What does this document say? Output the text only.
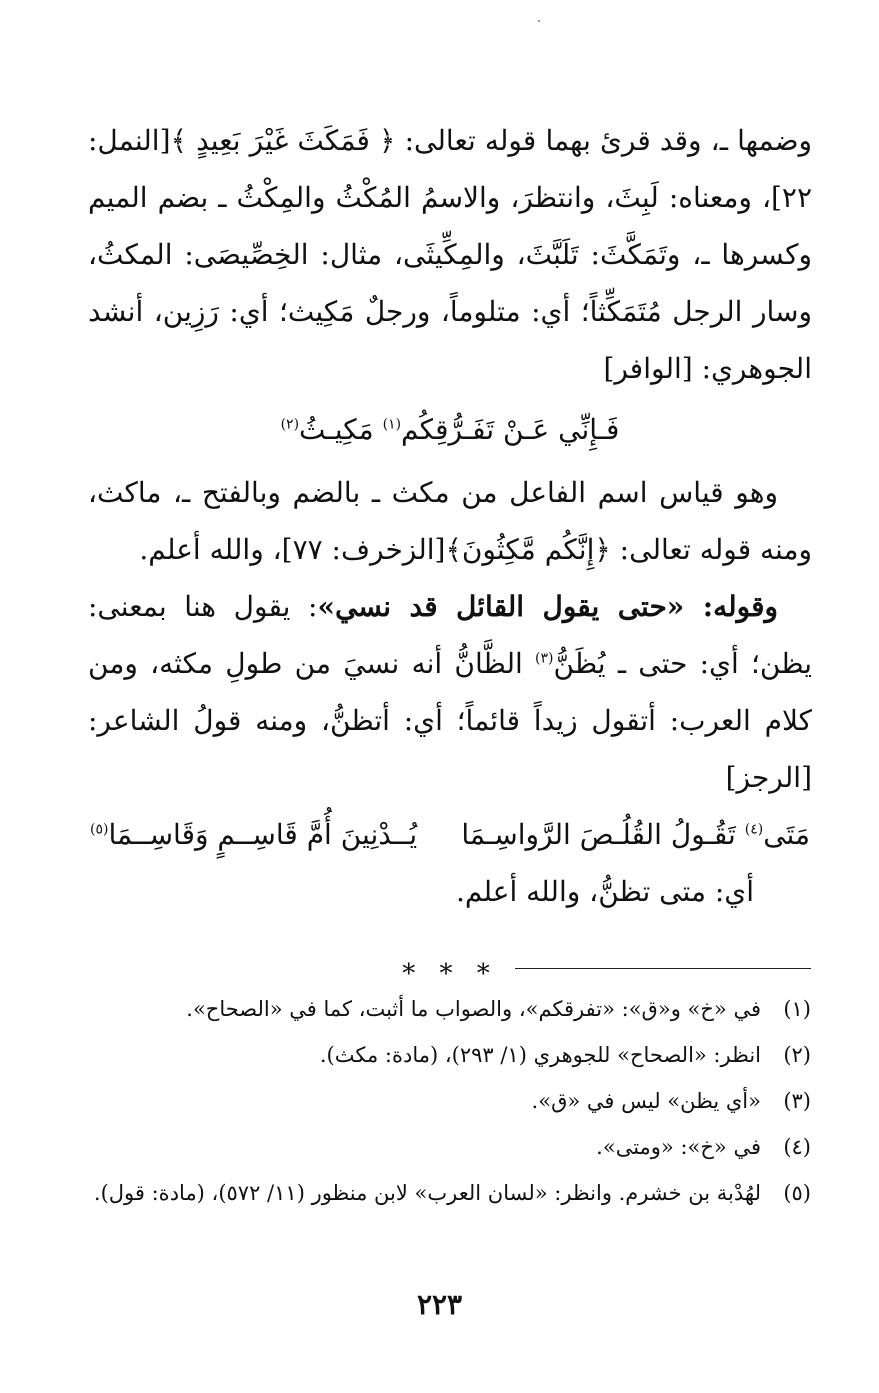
وضمها ـ، وقد قرئ بهما قوله تعالى: ﴿ فَمَكَثَ غَيْرَ بَعِيدٍ ﴾[النمل: ٢٢]، ومعناه: لَبِثَ، وانتظرَ، والاسمُ المُكْثُ والمِكْثُ ـ بضم الميم وكسرها ـ، وتَمَكَّثَ: تَلَبَّثَ، والمِكِّيثَى، مثال: الخِصِّيصَى: المكثُ، وسار الرجل مُتَمَكِّثاً؛ أي: متلوماً، ورجلٌ مَكِيث؛ أي: رَزِين، أنشد الجوهري: [الوافر]

فَـإِنِّي عَـنْ تَفَـرُّقِكُم$^{(١)}$ مَكِيـثُ$^{(٢)}$

وهو قياس اسم الفاعل من مكث ـ بالضم وبالفتح ـ، ماكث، ومنه قوله تعالى: ﴿إِنَّكُم مَّكِثُونَ﴾[الزخرف: ٧٧]، والله أعلم.

وقوله: «حتى يقول القائل قد نسي»: يقول هنا بمعنى: يظن؛ أي: حتى ـ يُظَنُّ$^{(٣)}$ الظَّانُّ أنه نسيَ من طولِ مكثه، ومن كلام العرب: أتقول زيداً قائماً؛ أي: أتظنُّ، ومنه قولُ الشاعر: [الرجز]

مَتَى$^{(٤)}$ تَقُـولُ القُلُـصَ الرَّواسِـمَا
يُــدْنِينَ أُمَّ قَاسِــمٍ وَقَاسِــمَا$^{(٥)}$

أي: متى تظنُّ، والله أعلم.

* * *
(١)
في «خ» و«ق»: «تفرقكم»، والصواب ما أثبت، كما في «الصحاح».
(٢)
انظر: «الصحاح» للجوهري (١/ ٢٩٣)، (مادة: مكث).
(٣)
«أي يظن» ليس في «ق».
(٤)
في «خ»: «ومتى».
(٥)
لهُدْبة بن خشرم. وانظر: «لسان العرب» لابن منظور (١١/ ٥٧٢)، (مادة: قول).
٢٢٣
